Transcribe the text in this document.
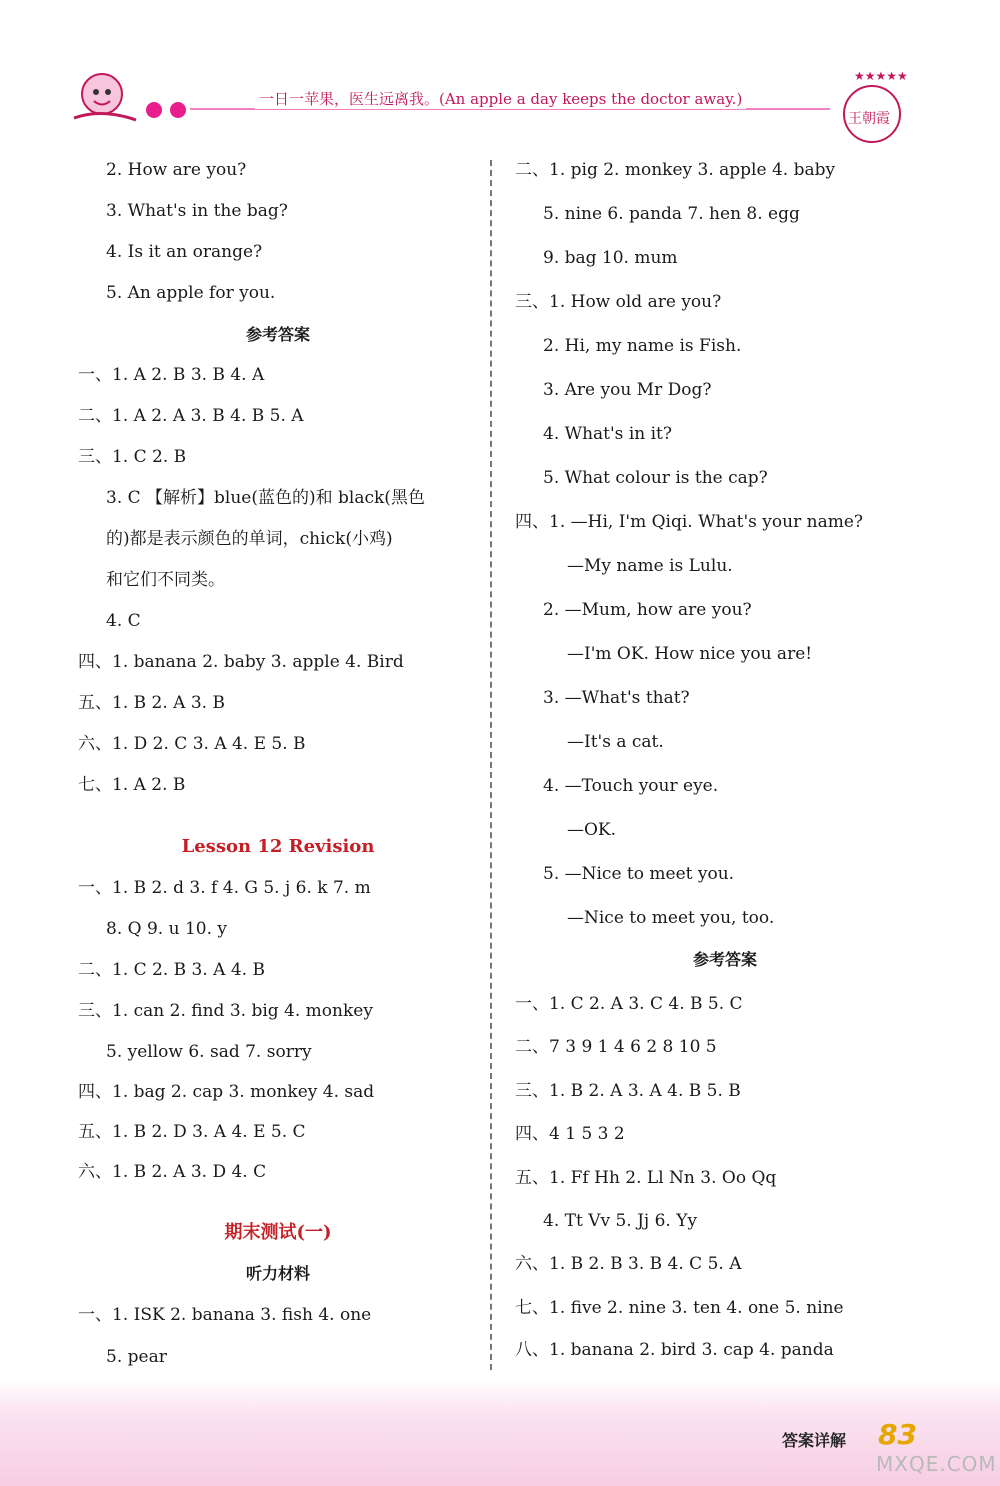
一日一苹果，医生远离我。(An apple a day keeps the doctor away.)
★★★★★
王朝霞
2. How are you?
3. What's in the bag?
4. Is it an orange?
5. An apple for you.
参考答案
一、1. A 2. B 3. B 4. A
二、1. A 2. A 3. B 4. B 5. A
三、1. C 2. B
3. C 【解析】blue(蓝色的)和 black(黑色
的)都是表示颜色的单词，chick(小鸡)
和它们不同类。
4. C
四、1. banana 2. baby 3. apple 4. Bird
五、1. B 2. A 3. B
六、1. D 2. C 3. A 4. E 5. B
七、1. A 2. B
Lesson 12 Revision
一、1. B 2. d 3. f 4. G 5. j 6. k 7. m
8. Q 9. u 10. y
二、1. C 2. B 3. A 4. B
三、1. can 2. find 3. big 4. monkey
5. yellow 6. sad 7. sorry
四、1. bag 2. cap 3. monkey 4. sad
五、1. B 2. D 3. A 4. E 5. C
六、1. B 2. A 3. D 4. C
期末测试(一)
听力材料
一、1. ISK 2. banana 3. fish 4. one
5. pear
二、1. pig 2. monkey 3. apple 4. baby
5. nine 6. panda 7. hen 8. egg
9. bag 10. mum
三、1. How old are you?
2. Hi, my name is Fish.
3. Are you Mr Dog?
4. What's in it?
5. What colour is the cap?
四、1. —Hi, I'm Qiqi. What's your name?
—My name is Lulu.
2. —Mum, how are you?
—I'm OK. How nice you are!
3. —What's that?
—It's a cat.
4. —Touch your eye.
—OK.
5. —Nice to meet you.
—Nice to meet you, too.
参考答案
一、1. C 2. A 3. C 4. B 5. C
二、7 3 9 1 4 6 2 8 10 5
三、1. B 2. A 3. A 4. B 5. B
四、4 1 5 3 2
五、1. Ff Hh 2. Ll Nn 3. Oo Qq
4. Tt Vv 5. Jj 6. Yy
六、1. B 2. B 3. B 4. C 5. A
七、1. five 2. nine 3. ten 4. one 5. nine
八、1. banana 2. bird 3. cap 4. panda
答案详解 83
MXQE.COM
